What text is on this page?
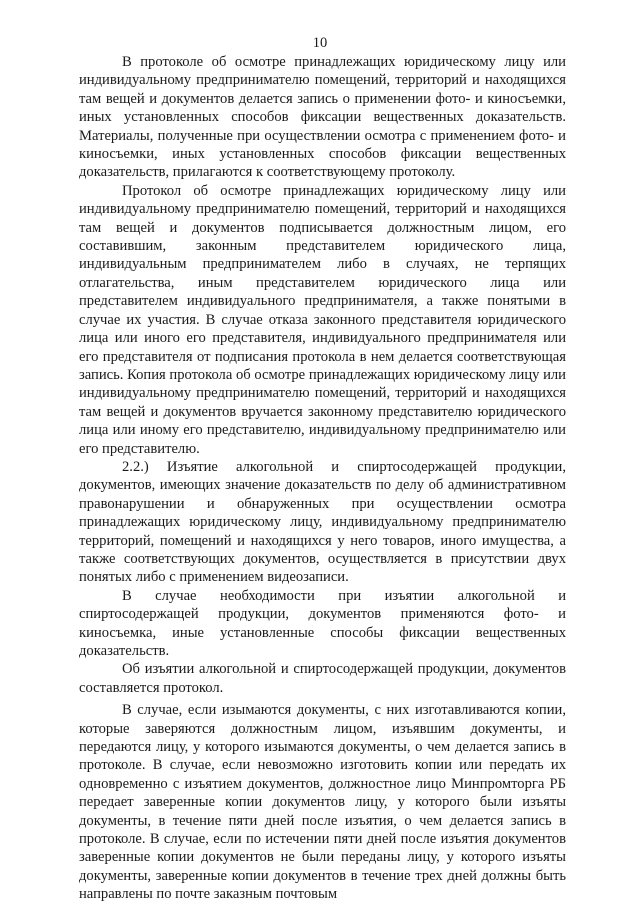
10

В протоколе об осмотре принадлежащих юридическому лицу или индивидуальному предпринимателю помещений, территорий и находящихся там вещей и документов делается запись о применении фото- и киносъемки, иных установленных способов фиксации вещественных доказательств. Материалы, полученные при осуществлении осмотра с применением фото- и киносъемки, иных установленных способов фиксации вещественных доказательств, прилагаются к соответствующему протоколу.

Протокол об осмотре принадлежащих юридическому лицу или индивидуальному предпринимателю помещений, территорий и находящихся там вещей и документов подписывается должностным лицом, его составившим, законным представителем юридического лица, индивидуальным предпринимателем либо в случаях, не терпящих отлагательства, иным представителем юридического лица или представителем индивидуального предпринимателя, а также понятыми в случае их участия. В случае отказа законного представителя юридического лица или иного его представителя, индивидуального предпринимателя или его представителя от подписания протокола в нем делается соответствующая запись. Копия протокола об осмотре принадлежащих юридическому лицу или индивидуальному предпринимателю помещений, территорий и находящихся там вещей и документов вручается законному представителю юридического лица или иному его представителю, индивидуальному предпринимателю или его представителю.

2.2.) Изъятие алкогольной и спиртосодержащей продукции, документов, имеющих значение доказательств по делу об административном правонарушении и обнаруженных при осуществлении осмотра принадлежащих юридическому лицу, индивидуальному предпринимателю территорий, помещений и находящихся у него товаров, иного имущества, а также соответствующих документов, осуществляется в присутствии двух понятых либо с применением видеозаписи.

В случае необходимости при изъятии алкогольной и спиртосодержащей продукции, документов применяются фото- и киносъемка, иные установленные способы фиксации вещественных доказательств.

Об изъятии алкогольной и спиртосодержащей продукции, документов составляется протокол.

В случае, если изымаются документы, с них изготавливаются копии, которые заверяются должностным лицом, изъявшим документы, и передаются лицу, у которого изымаются документы, о чем делается запись в протоколе. В случае, если невозможно изготовить копии или передать их одновременно с изъятием документов, должностное лицо Минпромторга РБ передает заверенные копии документов лицу, у которого были изъяты документы, в течение пяти дней после изъятия, о чем делается запись в протоколе. В случае, если по истечении пяти дней после изъятия документов заверенные копии документов не были переданы лицу, у которого изъяты документы, заверенные копии документов в течение трех дней должны быть направлены по почте заказным почтовым
